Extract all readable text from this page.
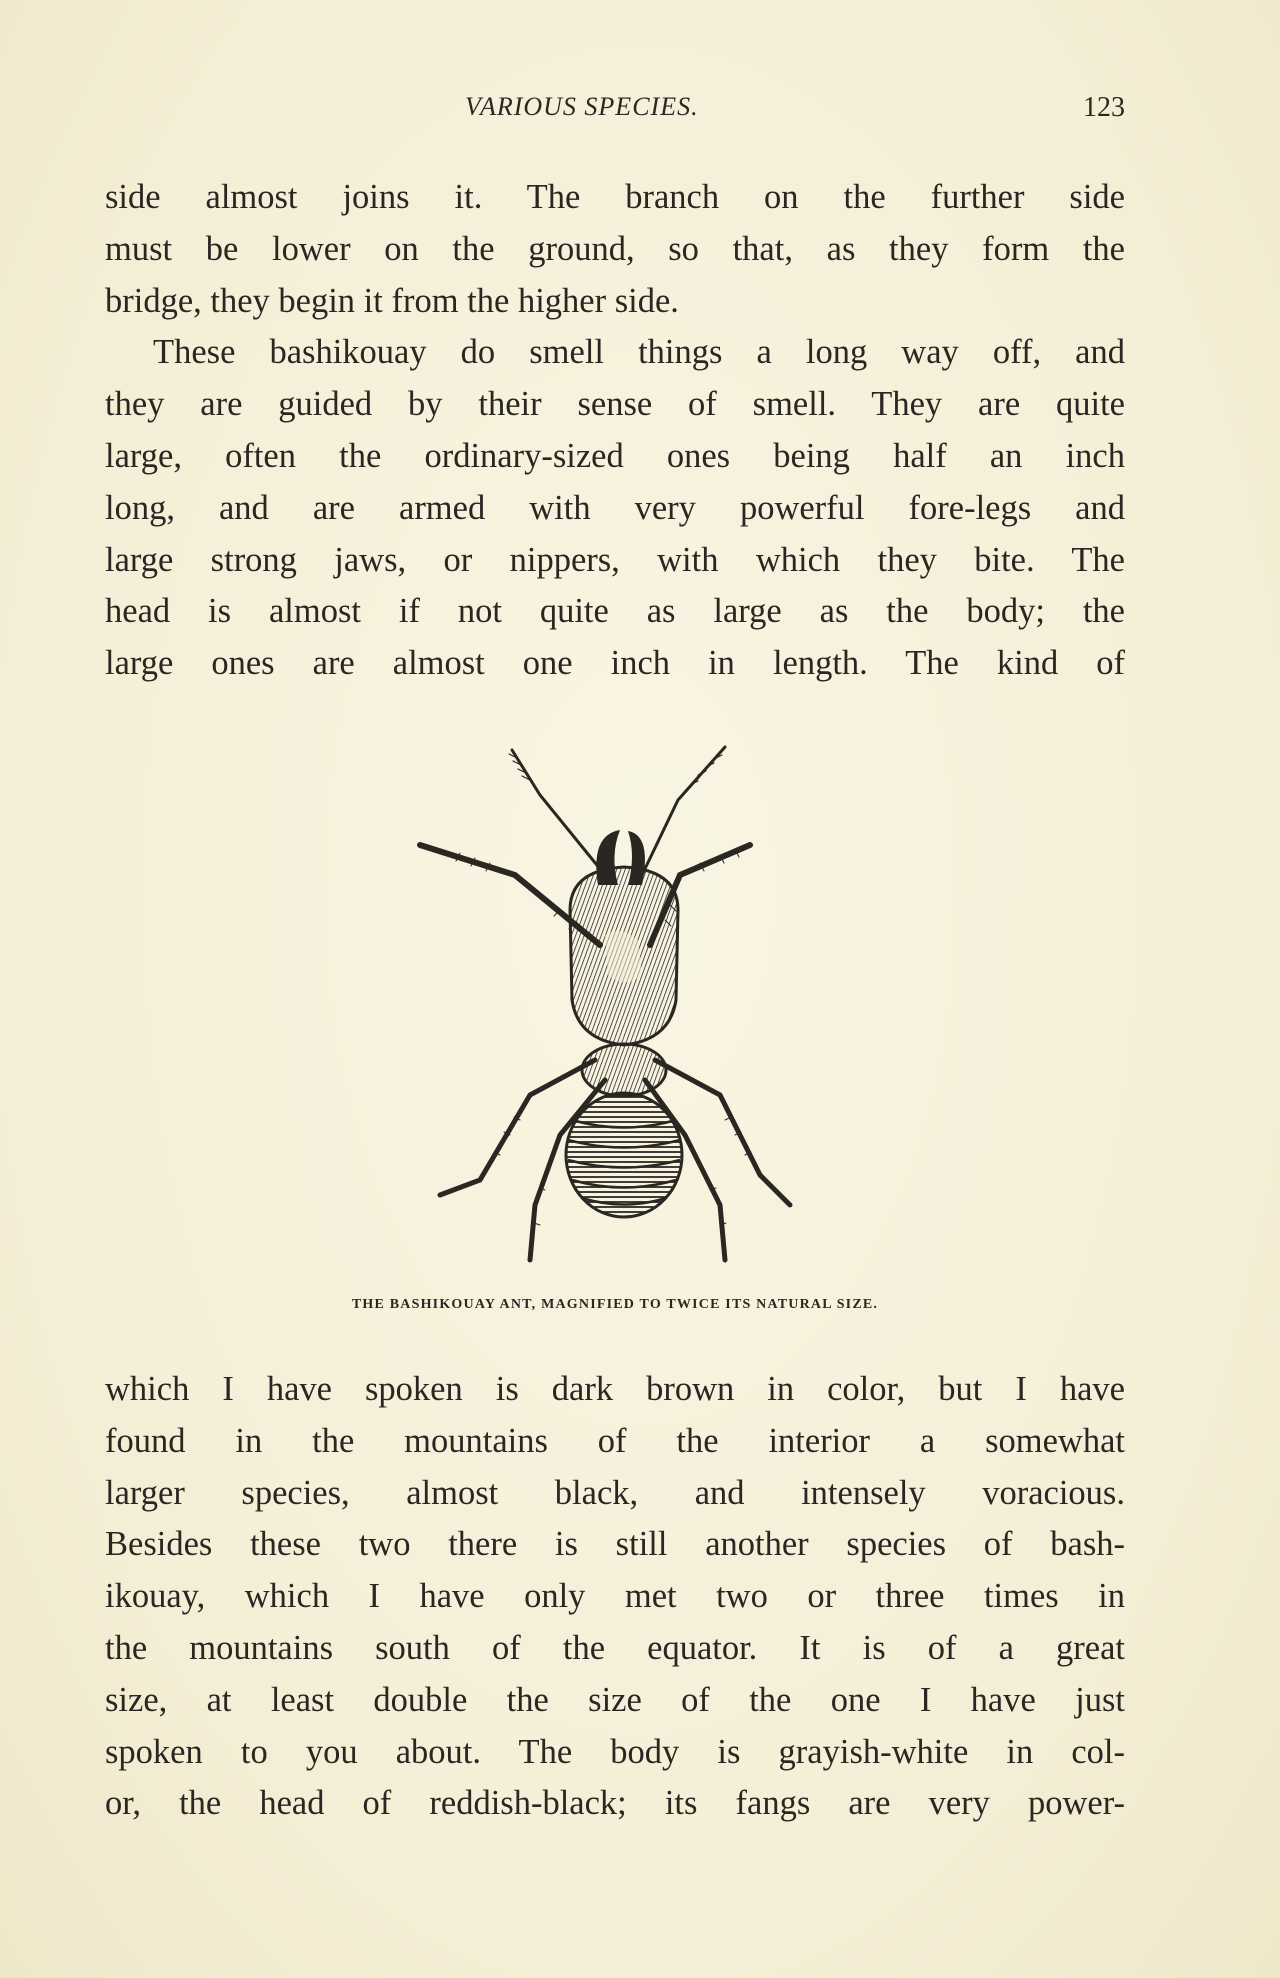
VARIOUS SPECIES.	123

side almost joins it. The branch on the further side
must be lower on the ground, so that, as they form the
bridge, they begin it from the higher side.
These bashikouay do smell things a long way off, and
they are guided by their sense of smell. They are quite
large, often the ordinary-sized ones being half an inch
long, and are armed with very powerful fore-legs and
large strong jaws, or nippers, with which they bite. The
head is almost if not quite as large as the body; the
large ones are almost one inch in length. The kind of

THE BASHIKOUAY ANT, MAGNIFIED TO TWICE ITS NATURAL SIZE.

which I have spoken is dark brown in color, but I have
found in the mountains of the interior a somewhat
larger species, almost black, and intensely voracious.
Besides these two there is still another species of bash-
ikouay, which I have only met two or three times in
the mountains south of the equator. It is of a great
size, at least double the size of the one I have just
spoken to you about. The body is grayish-white in col-
or, the head of reddish-black; its fangs are very power-
